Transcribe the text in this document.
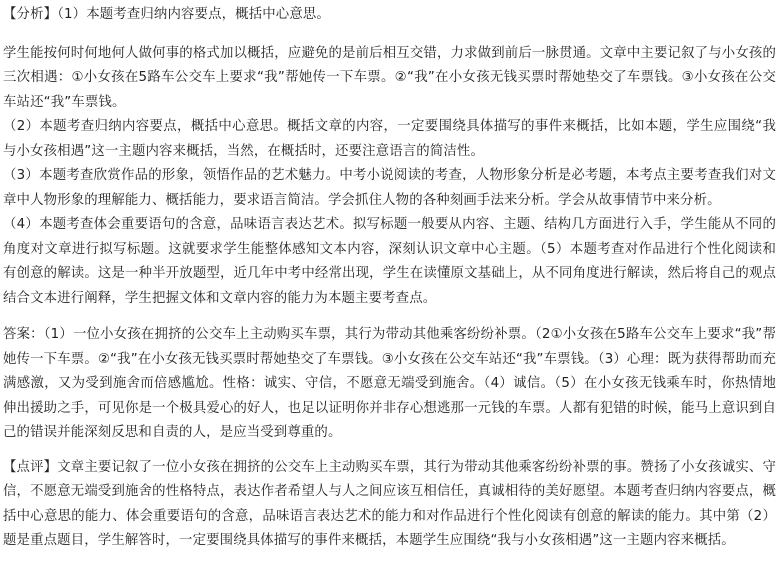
【分析】（1）本题考查归纳内容要点，概括中心意思。

学生能按何时何地何人做何事的格式加以概括，应避免的是前后相互交错，力求做到前后一脉贯通。文章中主要记叙了与小女孩的三次相遇：①小女孩在5路车公交车上要求“我”帮她传一下车票。②“我”在小女孩无钱买票时帮她垫交了车票钱。③小女孩在公交车站还“我”车票钱。

（2）本题考查归纳内容要点，概括中心意思。概括文章的内容，一定要围绕具体描写的事件来概括，比如本题，学生应围绕“我与小女孩相遇”这一主题内容来概括，当然，在概括时，还要注意语言的简洁性。

（3）本题考查欣赏作品的形象，领悟作品的艺术魅力。中考小说阅读的考查，人物形象分析是必考题，本考点主要考查我们对文章中人物形象的理解能力、概括能力，要求语言简洁。学会抓住人物的各种刻画手法来分析。学会从故事情节中来分析。

（4）本题考查体会重要语句的含意，品味语言表达艺术。拟写标题一般要从内容、主题、结构几方面进行入手，学生能从不同的角度对文章进行拟写标题。这就要求学生能整体感知文本内容，深刻认识文章中心主题。（5）本题考查对作品进行个性化阅读和有创意的解读。这是一种半开放题型，近几年中考中经常出现，学生在读懂原文基础上，从不同角度进行解读，然后将自己的观点结合文本进行阐释，学生把握文体和文章内容的能力为本题主要考查点。

答案：（1）一位小女孩在拥挤的公交车上主动购买车票，其行为带动其他乘客纷纷补票。（2①小女孩在5路车公交车上要求“我”帮她传一下车票。②“我”在小女孩无钱买票时帮她垫交了车票钱。③小女孩在公交车站还“我”车票钱。（3）心理：既为获得帮助而充满感激，又为受到施舍而倍感尴尬。性格：诚实、守信，不愿意无端受到施舍。（4）诚信。（5）在小女孩无钱乘车时，你热情地伸出援助之手，可见你是一个极具爱心的好人，也足以证明你并非存心想逃那一元钱的车票。人都有犯错的时候，能马上意识到自己的错误并能深刻反思和自责的人，是应当受到尊重的。

【点评】文章主要记叙了一位小女孩在拥挤的公交车上主动购买车票，其行为带动其他乘客纷纷补票的事。赞扬了小女孩诚实、守信，不愿意无端受到施舍的性格特点，表达作者希望人与人之间应该互相信任，真诚相待的美好愿望。本题考查归纳内容要点，概括中心意思的能力、体会重要语句的含意，品味语言表达艺术的能力和对作品进行个性化阅读有创意的解读的能力。其中第（2）题是重点题目，学生解答时，一定要围绕具体描写的事件来概括，本题学生应围绕“我与小女孩相遇”这一主题内容来概括。
